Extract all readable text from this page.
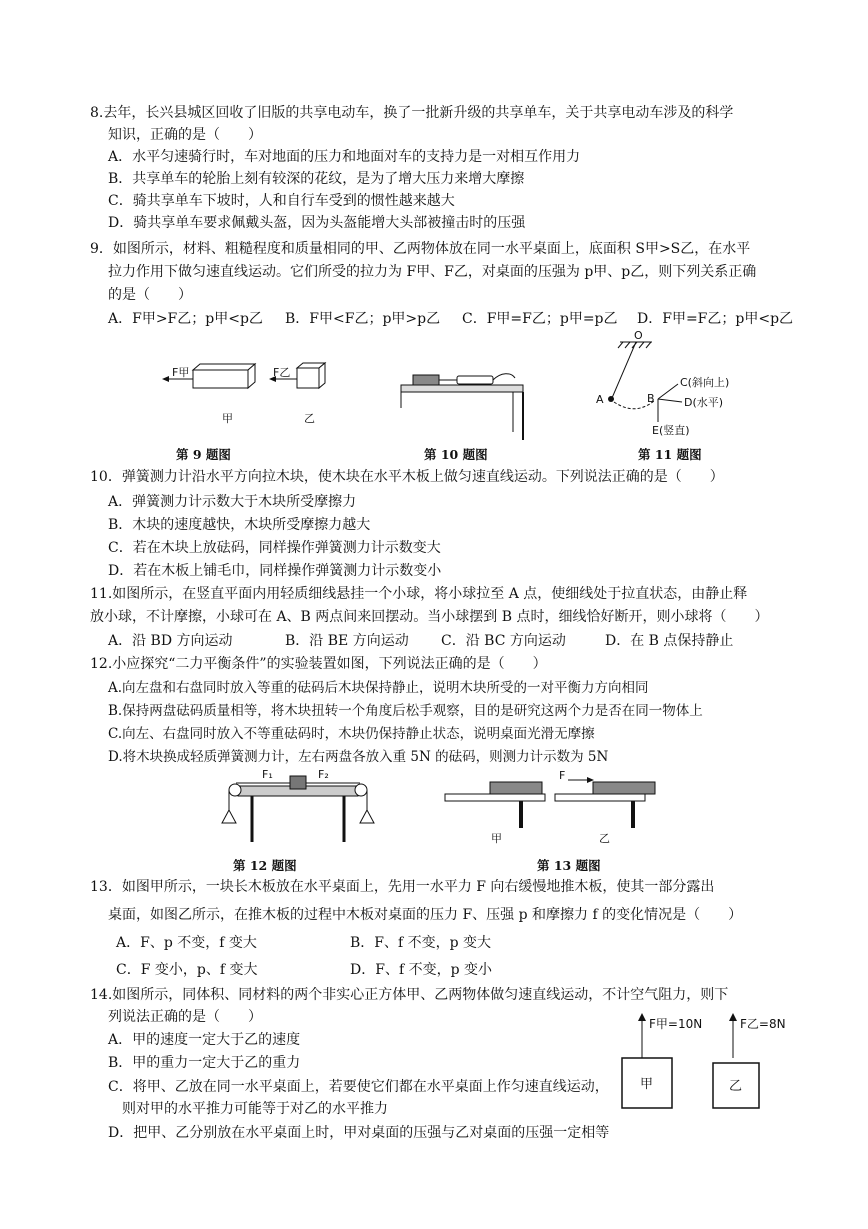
8.去年，长兴县城区回收了旧版的共享电动车，换了一批新升级的共享单车，关于共享电动车涉及的科学
知识，正确的是（　　）
A．水平匀速骑行时，车对地面的压力和地面对车的支持力是一对相互作用力
B．共享单车的轮胎上刻有较深的花纹，是为了增大压力来增大摩擦
C．骑共享单车下坡时，人和自行车受到的惯性越来越大
D．骑共享单车要求佩戴头盔，因为头盔能增大头部被撞击时的压强
9．如图所示，材料、粗糙程度和质量相同的甲、乙两物体放在同一水平桌面上，底面积 S甲>S乙，在水平
拉力作用下做匀速直线运动。它们所受的拉力为 F甲、F乙，对桌面的压强为 p甲、p乙，则下列关系正确
的是（　　）
A．F甲>F乙；p甲<p乙 B．F甲<F乙；p甲>p乙 C．F甲=F乙；p甲=p乙 D．F甲=F乙；p甲<p乙
F甲	F乙
甲	乙
第 9 题图	第 10 题图
O
A	B
C(斜向上)
D(水平)
E(竖直)
第 11 题图
10．弹簧测力计沿水平方向拉木块，使木块在水平木板上做匀速直线运动。下列说法正确的是（　　）
A．弹簧测力计示数大于木块所受摩擦力
B．木块的速度越快，木块所受摩擦力越大
C．若在木块上放砝码，同样操作弹簧测力计示数变大
D．若在木板上铺毛巾，同样操作弹簧测力计示数变小
11.如图所示，在竖直平面内用轻质细线悬挂一个小球，将小球拉至 A 点，使细线处于拉直状态，由静止释
放小球，不计摩擦，小球可在 A、B 两点间来回摆动。当小球摆到 B 点时，细线恰好断开，则小球将（　　）
A．沿 BD 方向运动	B．沿 BE 方向运动 C．沿 BC 方向运动	D．在 B 点保持静止
12.小应探究“二力平衡条件”的实验装置如图，下列说法正确的是（　　）
A.向左盘和右盘同时放入等重的砝码后木块保持静止，说明木块所受的一对平衡力方向相同
B.保持两盘砝码质量相等，将木块扭转一个角度后松手观察，目的是研究这两个力是否在同一物体上
C.向左、右盘同时放入不等重砝码时，木块仍保持静止状态，说明桌面光滑无摩擦
D.将木块换成轻质弹簧测力计，左右两盘各放入重 5N 的砝码，则测力计示数为 5N
F₁	F₂
第 12 题图
甲
F
乙
第 13 题图
13．如图甲所示，一块长木板放在水平桌面上，先用一水平力 F 向右缓慢地推木板，使其一部分露出
桌面，如图乙所示，在推木板的过程中木板对桌面的压力 F、压强 p 和摩擦力 f 的变化情况是（　　）
A．F、p 不变，f 变大	B．F、f 不变，p 变大
C．F 变小，p、f 变大	D．F、f 不变，p 变小
14.如图所示，同体积、同材料的两个非实心正方体甲、乙两物体做匀速直线运动，不计空气阻力，则下
列说法正确的是（　　）
A．甲的速度一定大于乙的速度
B．甲的重力一定大于乙的重力
C．将甲、乙放在同一水平桌面上，若要使它们都在水平桌面上作匀速直线运动，
则对甲的水平推力可能等于对乙的水平推力
D．把甲、乙分别放在水平桌面上时，甲对桌面的压强与乙对桌面的压强一定相等
F甲=10N
甲
F乙=8N
乙
